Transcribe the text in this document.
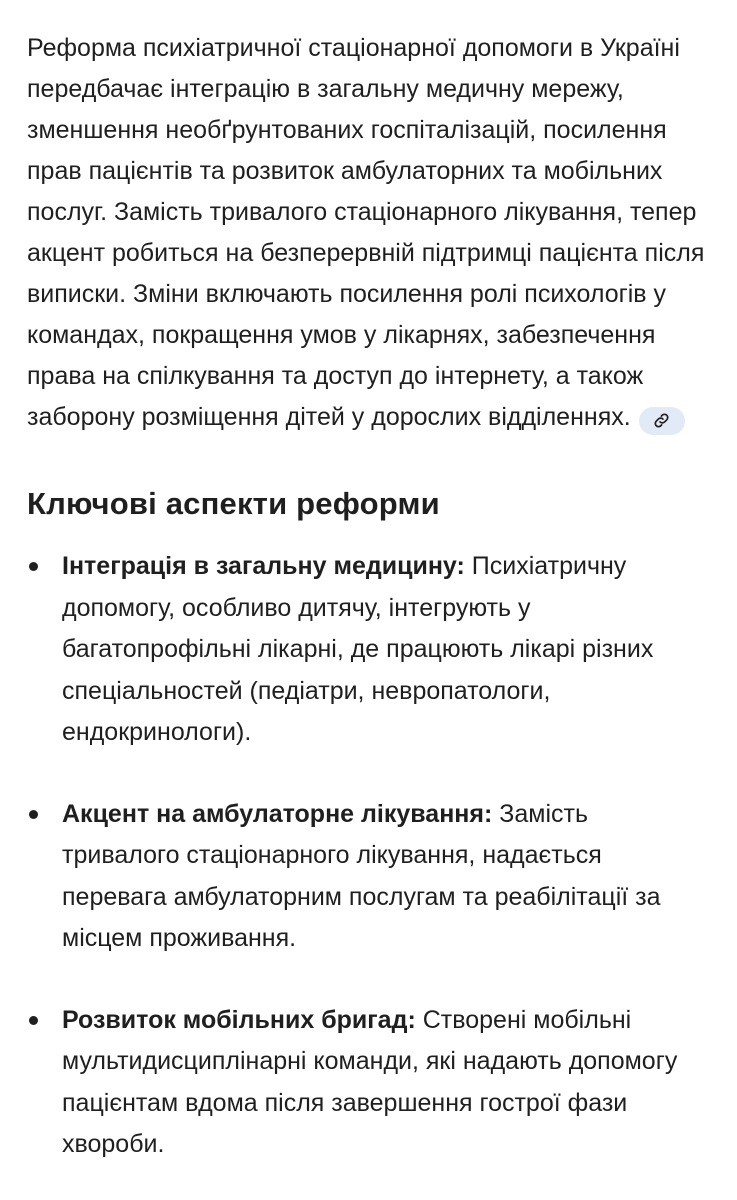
Реформа психіатричної стаціонарної допомоги в Україні передбачає інтеграцію в загальну медичну мережу, зменшення необґрунтованих госпіталізацій, посилення прав пацієнтів та розвиток амбулаторних та мобільних послуг. Замість тривалого стаціонарного лікування, тепер акцент робиться на безперервній підтримці пацієнта після виписки. Зміни включають посилення ролі психологів у командах, покращення умов у лікарнях, забезпечення права на спілкування та доступ до інтернету, а також заборону розміщення дітей у дорослих відділеннях.

Ключові аспекти реформи
Інтеграція в загальну медицину: Психіатричну допомогу, особливо дитячу, інтегрують у багатопрофільні лікарні, де працюють лікарі різних спеціальностей (педіатри, невропатологи, ендокринологи).
Акцент на амбулаторне лікування: Замість тривалого стаціонарного лікування, надається перевага амбулаторним послугам та реабілітації за місцем проживання.
Розвиток мобільних бригад: Створені мобільні мультидисциплінарні команди, які надають допомогу пацієнтам вдома після завершення гострої фази хвороби.
